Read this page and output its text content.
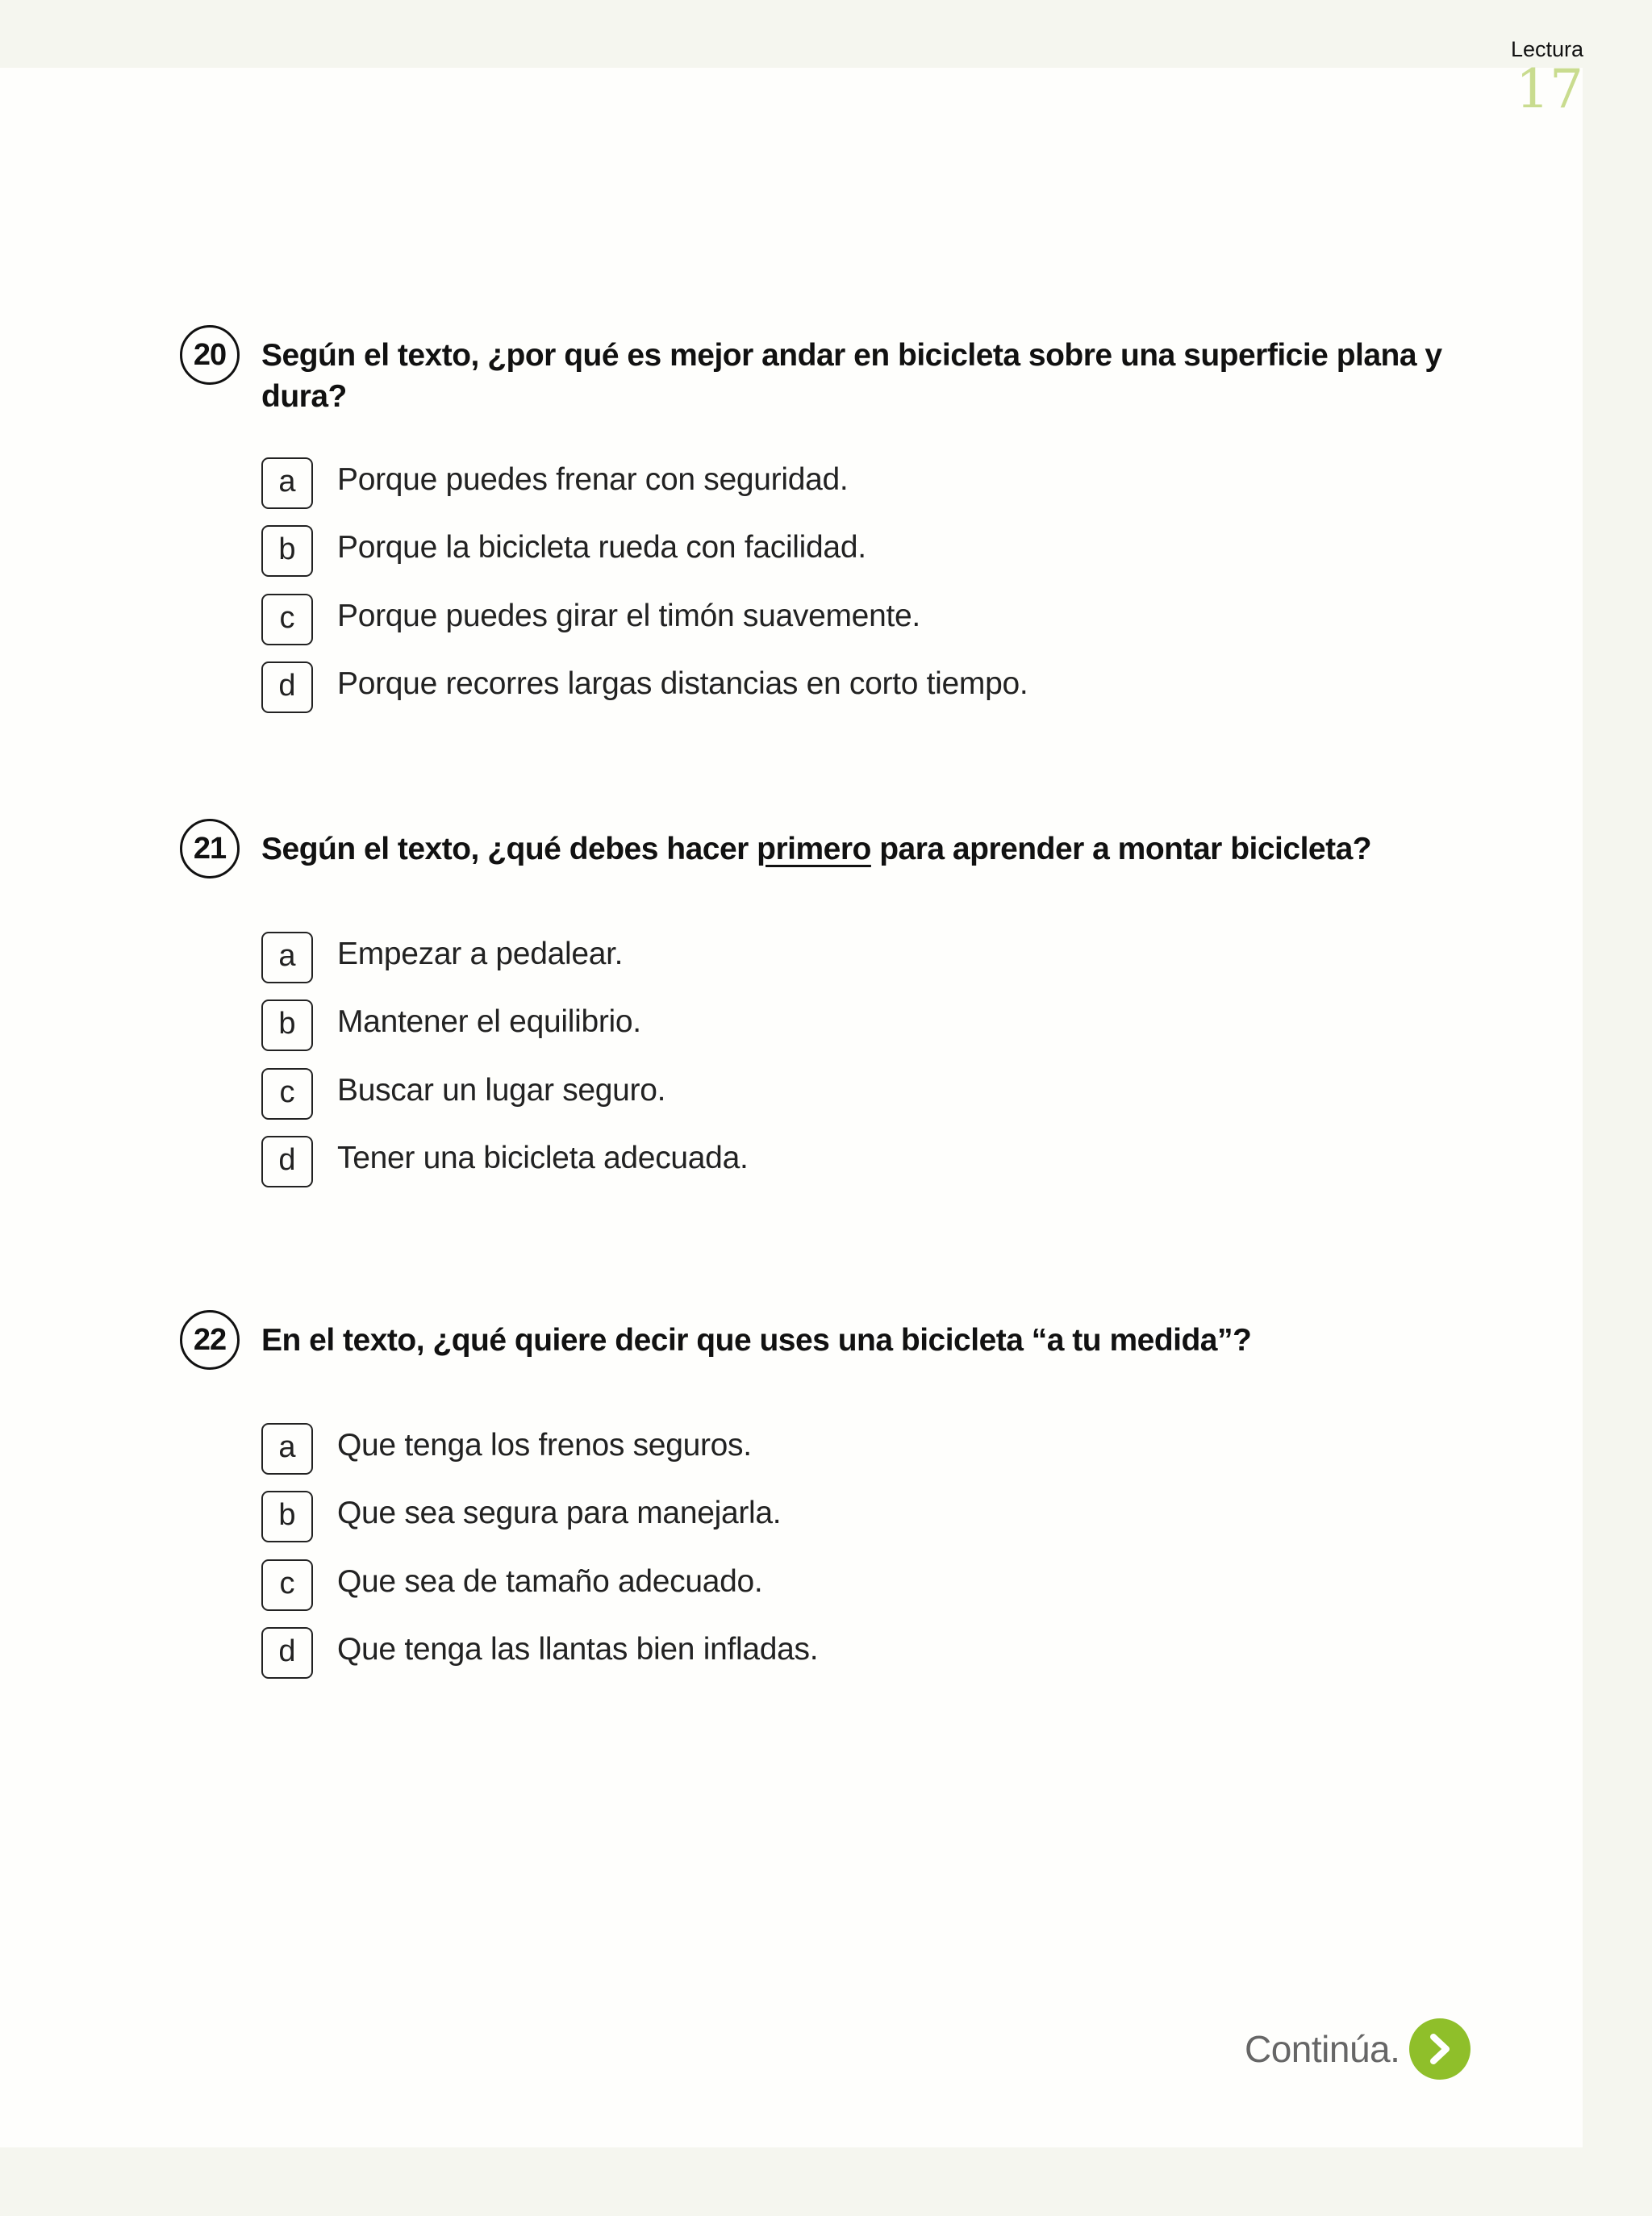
Lectura
17
20	Según el texto, ¿por qué es mejor andar en bicicleta sobre una superficie plana y dura?
a	Porque puedes frenar con seguridad.
b	Porque la bicicleta rueda con facilidad.
c	Porque puedes girar el timón suavemente.
d	Porque recorres largas distancias en corto tiempo.
21	Según el texto, ¿qué debes hacer primero para aprender a montar bicicleta?
a	Empezar a pedalear.
b	Mantener el equilibrio.
c	Buscar un lugar seguro.
d	Tener una bicicleta adecuada.
22	En el texto, ¿qué quiere decir que uses una bicicleta “a tu medida”?
a	Que tenga los frenos seguros.
b	Que sea segura para manejarla.
c	Que sea de tamaño adecuado.
d	Que tenga las llantas bien infladas.
Continúa.
